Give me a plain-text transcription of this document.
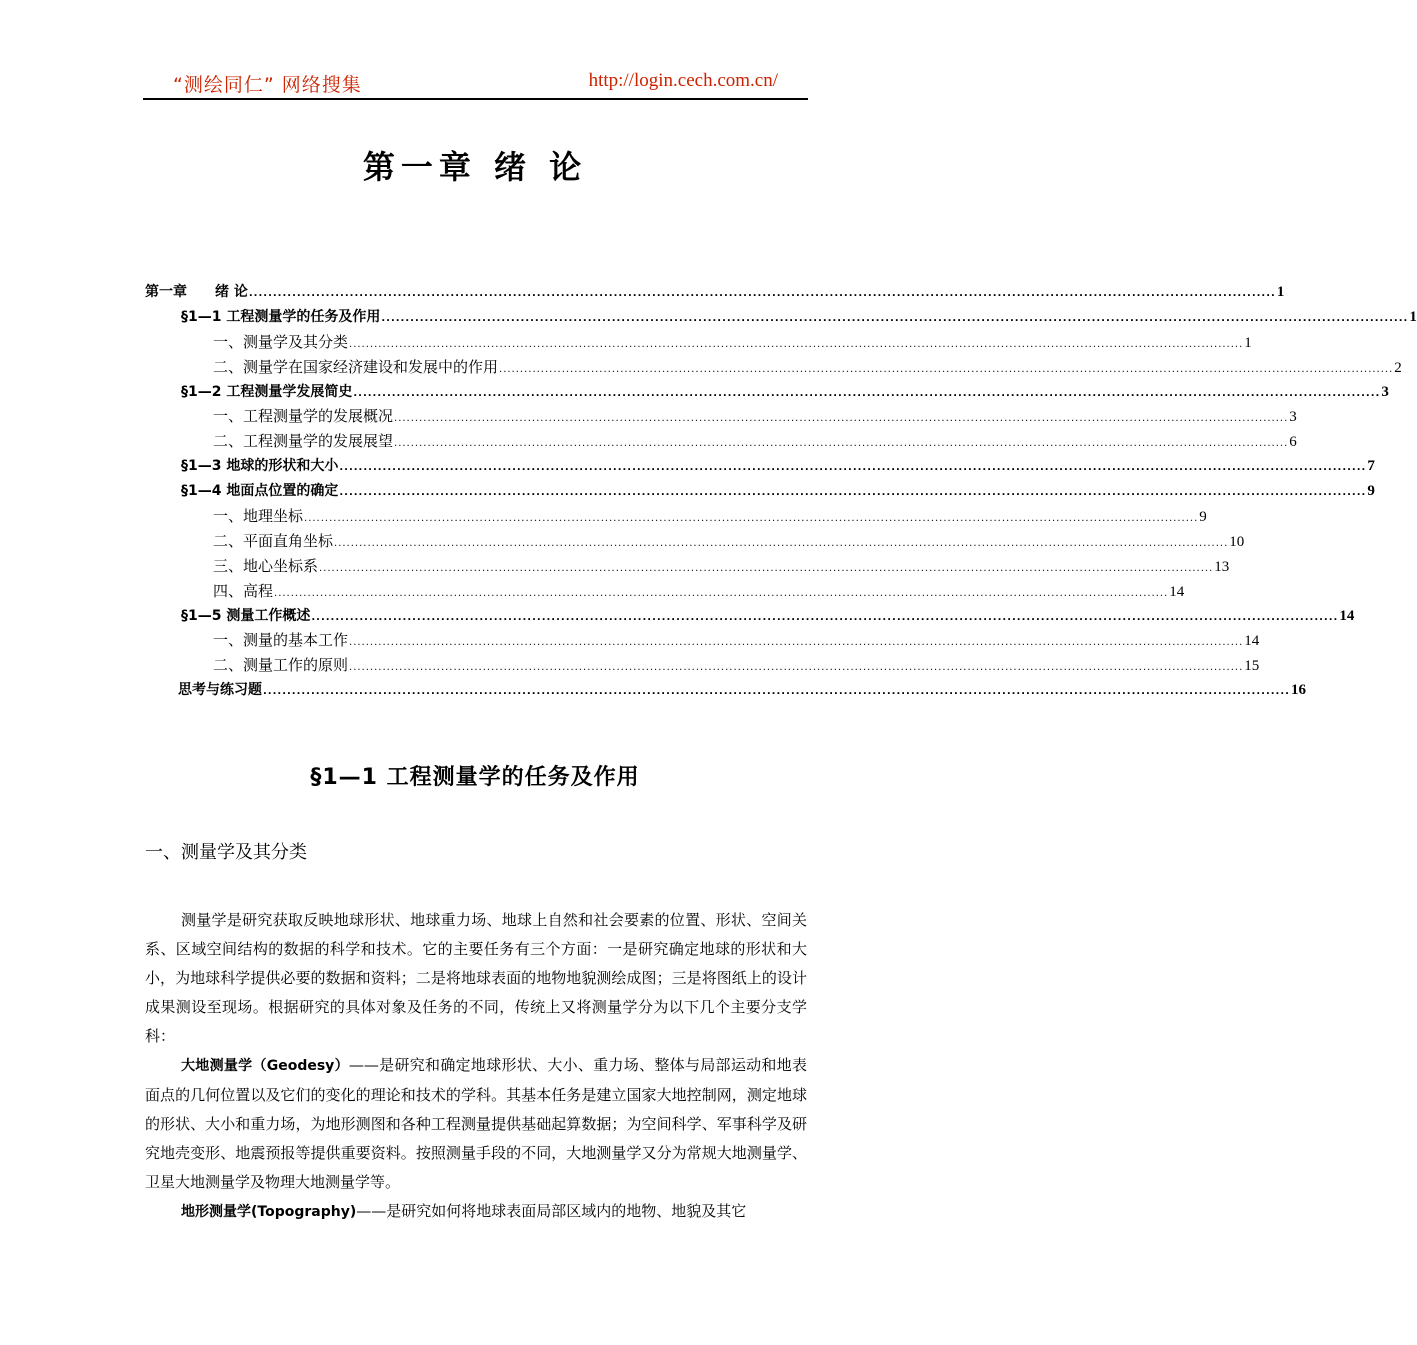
“测绘同仁” 网络搜集	http://login.cech.com.cn/
第一章 绪 论
第一章　　绪 论 ...................................................................................................................................................................................................................... 1
§1—1 工程测量学的任务及作用 ...................................................................................................................................................................................................................... 1
一、测量学及其分类 ...................................................................................................................................................................................................................... 1
二、测量学在国家经济建设和发展中的作用 ...................................................................................................................................................................................................................... 2
§1—2 工程测量学发展简史 ...................................................................................................................................................................................................................... 3
一、工程测量学的发展概况 ...................................................................................................................................................................................................................... 3
二、工程测量学的发展展望 ...................................................................................................................................................................................................................... 6
§1—3 地球的形状和大小 ...................................................................................................................................................................................................................... 7
§1—4 地面点位置的确定 ...................................................................................................................................................................................................................... 9
一、地理坐标 ...................................................................................................................................................................................................................... 9
二、平面直角坐标 ...................................................................................................................................................................................................................... 10
三、地心坐标系 ...................................................................................................................................................................................................................... 13
四、高程 ...................................................................................................................................................................................................................... 14
§1—5 测量工作概述 ...................................................................................................................................................................................................................... 14
一、测量的基本工作 ...................................................................................................................................................................................................................... 14
二、测量工作的原则 ...................................................................................................................................................................................................................... 15
思考与练习题 ...................................................................................................................................................................................................................... 16
§1—1 工程测量学的任务及作用
一、测量学及其分类

测量学是研究获取反映地球形状、地球重力场、地球上自然和社会要素的位置、形状、空间关系、区域空间结构的数据的科学和技术。它的主要任务有三个方面：一是研究确定地球的形状和大小，为地球科学提供必要的数据和资料；二是将地球表面的地物地貌测绘成图；三是将图纸上的设计成果测设至现场。根据研究的具体对象及任务的不同，传统上又将测量学分为以下几个主要分支学科：

大地测量学（Geodesy）——是研究和确定地球形状、大小、重力场、整体与局部运动和地表面点的几何位置以及它们的变化的理论和技术的学科。其基本任务是建立国家大地控制网，测定地球的形状、大小和重力场，为地形测图和各种工程测量提供基础起算数据；为空间科学、军事科学及研究地壳变形、地震预报等提供重要资料。按照测量手段的不同，大地测量学又分为常规大地测量学、卫星大地测量学及物理大地测量学等。

地形测量学(Topography)——是研究如何将地球表面局部区域内的地物、地貌及其它
